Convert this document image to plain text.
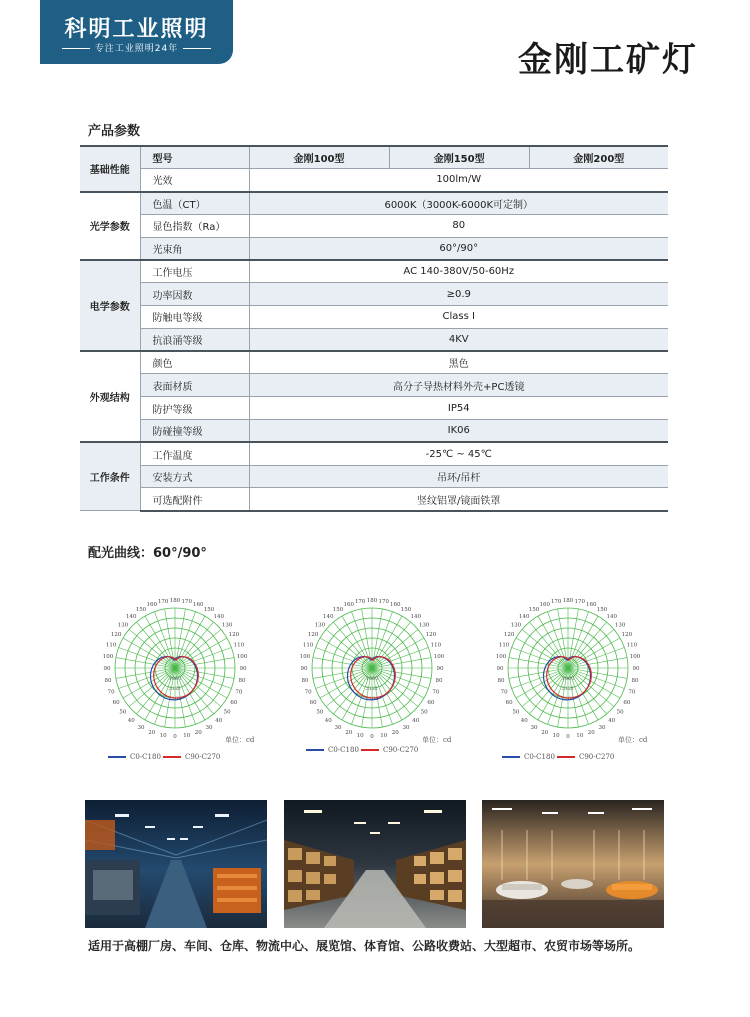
科明工业照明
专注工业照明24年	金刚工矿灯
产品参数
基础性能	型号	金刚100型	金刚150型	金刚200型
	光效	100lm/W		
光学参数	色温（CT）	6000K（3000K-6000K可定制）		
	显色指数（Ra）	80		
	光束角	60°/90°		
电学参数	工作电压	AC 140-380V/50-60Hz		
	功率因数	≥0.9		
	防触电等级	Class I		
	抗浪涌等级	4KV		
外观结构	颜色	黑色		
	表面材质	高分子导热材料外壳+PC透镜		
	防护等级	IP54		
	防碰撞等级	IK06		
工作条件	工作温度	-25℃ ~ 45℃		
	安装方式	吊环/吊杆		
	可选配附件	竖纹铝罩/镜面铁罩		
配光曲线：60°/90°
0 10
10
20
20
30
30
40
40
50
50
60
60
70
70
80
80
90
90
100
100
110
110
120
120
130
130
140
140
150
150
160
160
170
170 180
1060
2121
3182
0 10
10
20
20
30
30
40
40
50
50
60
60
70
70
80
80
90
90
100
100
110
110
120
120
130
130
140
140
150
150
160
160
170
170 180
1060
2121
3182
0 10
10
20
20
30
30
40
40
50
50
60
60
70
70
80
80
90
90
100
100
110
110
120
120
130
130
140
140
150
150
160
160
170
170 180
1060
2121
3182
单位：cd	单位：cd	单位：cd
C0-C180	C90-C270
C0-C180	C90-C270
C0-C180	C90-C270
适用于高棚厂房、车间、仓库、物流中心、展览馆、体育馆、公路收费站、大型超市、农贸市场等场所。
